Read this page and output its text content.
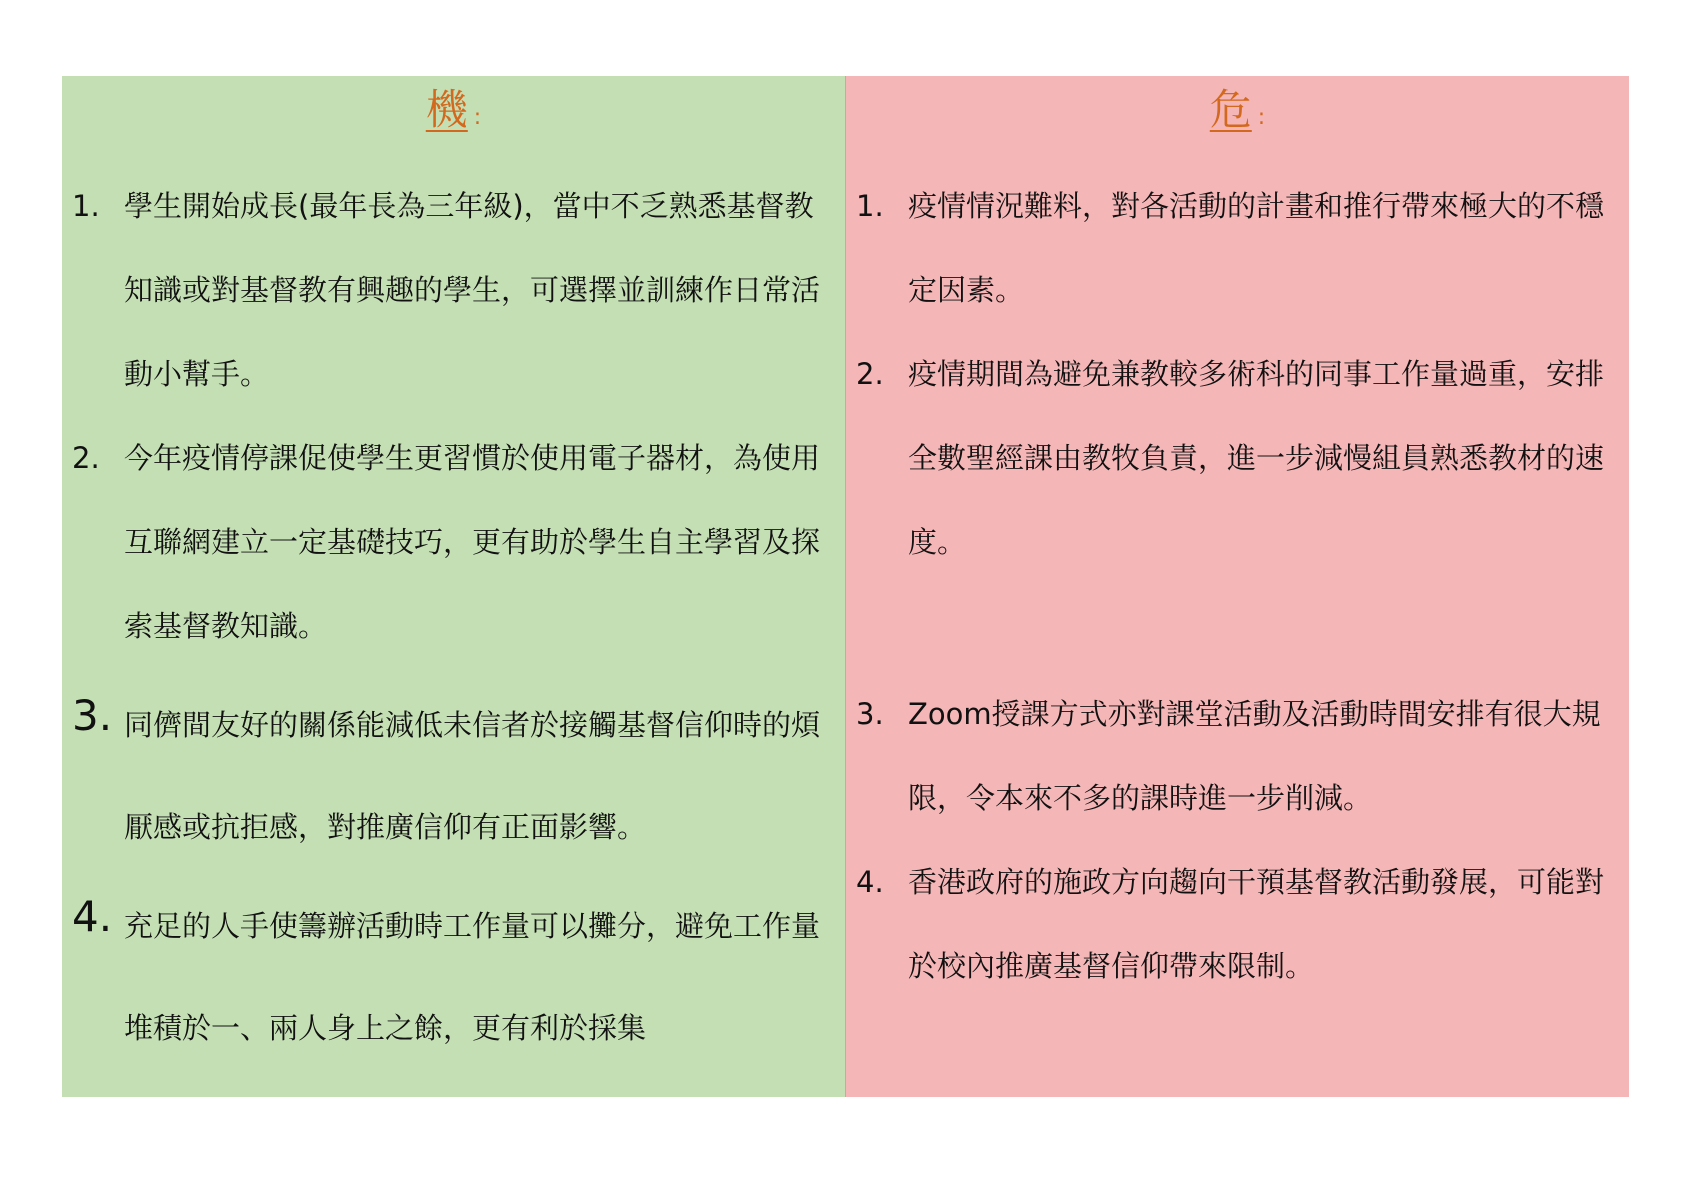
機 :
1. 學生開始成長(最年長為三年級)，當中不乏熟悉基督教知識或對基督教有興趣的學生，可選擇並訓練作日常活動小幫手。
2. 今年疫情停課促使學生更習慣於使用電子器材，為使用互聯網建立一定基礎技巧，更有助於學生自主學習及探索基督教知識。
3. 同儕間友好的關係能減低未信者於接觸基督信仰時的煩厭感或抗拒感，對推廣信仰有正面影響。
4. 充足的人手使籌辦活動時工作量可以攤分，避免工作量堆積於一、兩人身上之餘，更有利於採集
危 :
1. 疫情情況難料，對各活動的計畫和推行帶來極大的不穩定因素。
2. 疫情期間為避免兼教較多術科的同事工作量過重，安排全數聖經課由教牧負責，進一步減慢組員熟悉教材的速度。
3. Zoom授課方式亦對課堂活動及活動時間安排有很大規限，令本來不多的課時進一步削減。
4. 香港政府的施政方向趨向干預基督教活動發展，可能對於校內推廣基督信仰帶來限制。
